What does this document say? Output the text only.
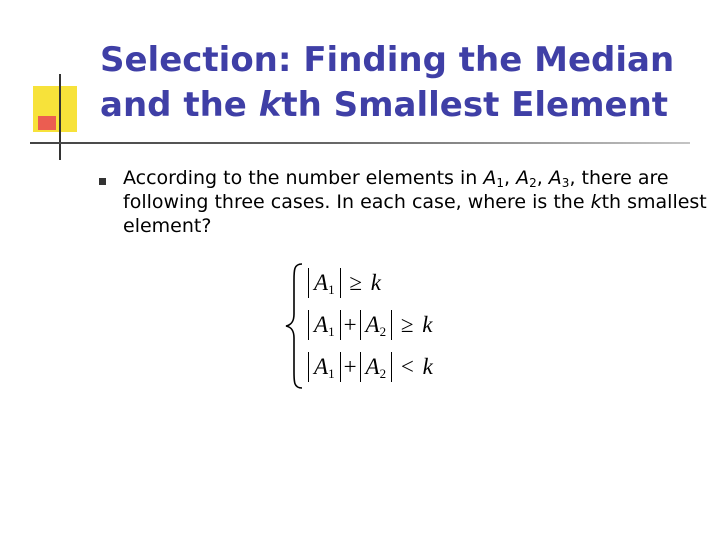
Selection: Finding the Median
and the kth Smallest Element
According to the number elements in $A_1$, $A_2$, $A_3$, there are following three cases. In each case, where is the kth smallest element?
$A_1 \ge k$
$A_1 + A_2 \ge k$
$A_1 + A_2 < k$
